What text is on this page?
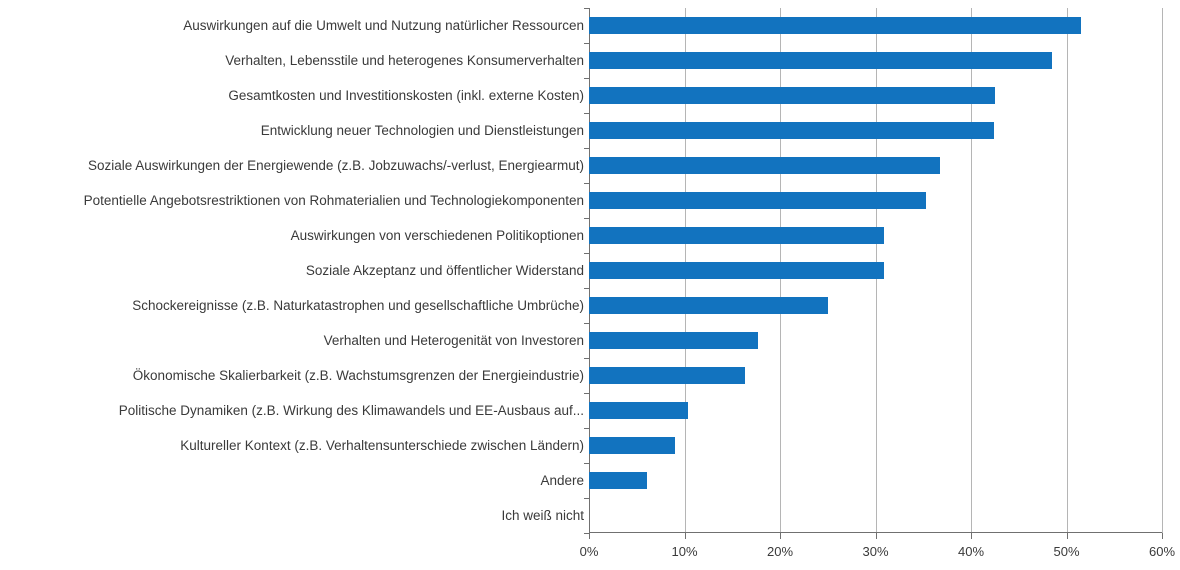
Auswirkungen auf die Umwelt und Nutzung natürlicher Ressourcen
Verhalten, Lebensstile und heterogenes Konsumerverhalten
Gesamtkosten und Investitionskosten (inkl. externe Kosten)
Entwicklung neuer Technologien und Dienstleistungen
Soziale Auswirkungen der Energiewende (z.B. Jobzuwachs/-verlust, Energiearmut)
Potentielle Angebotsrestriktionen von Rohmaterialien und Technologiekomponenten
Auswirkungen von verschiedenen Politikoptionen
Soziale Akzeptanz und öffentlicher Widerstand
Schockereignisse (z.B. Naturkatastrophen und gesellschaftliche Umbrüche)
Verhalten und Heterogenität von Investoren
Ökonomische Skalierbarkeit (z.B. Wachstumsgrenzen der Energieindustrie)
Politische Dynamiken (z.B. Wirkung des Klimawandels und EE-Ausbaus auf...
Kultureller Kontext (z.B. Verhaltensunterschiede zwischen Ländern)
Andere
Ich weiß nicht
0%	10%	20%	30%	40%	50%	60%
